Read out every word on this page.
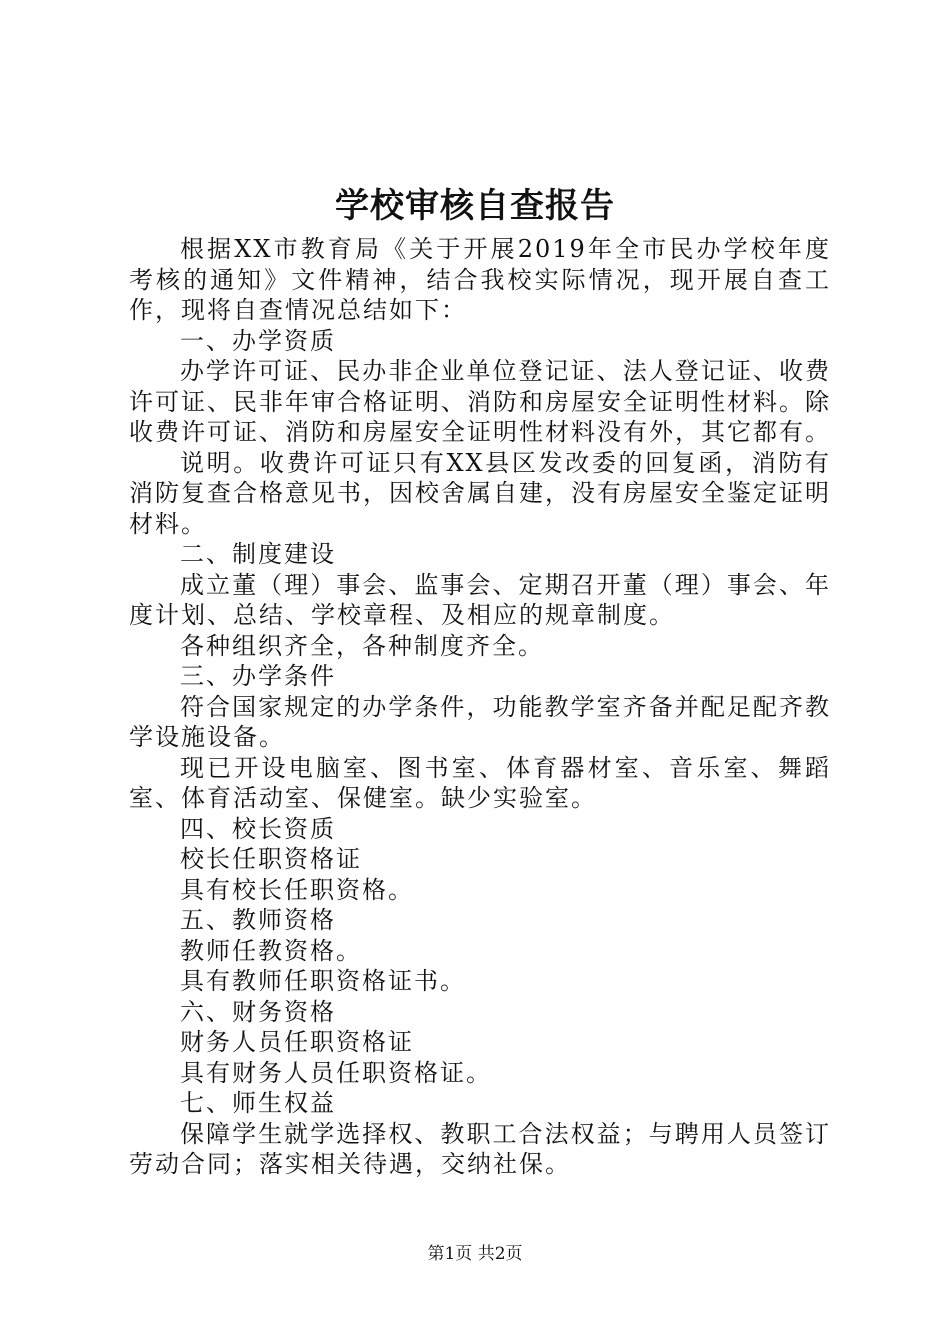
学校审核自查报告

根据XX市教育局《关于开展2019年全市民办学校年度考核的通知》文件精神，结合我校实际情况，现开展自查工作，现将自查情况总结如下：

一、办学资质

办学许可证、民办非企业单位登记证、法人登记证、收费许可证、民非年审合格证明、消防和房屋安全证明性材料。除收费许可证、消防和房屋安全证明性材料没有外，其它都有。

说明。收费许可证只有XX县区发改委的回复函，消防有消防复查合格意见书，因校舍属自建，没有房屋安全鉴定证明材料。

二、制度建设

成立董（理）事会、监事会、定期召开董（理）事会、年度计划、总结、学校章程、及相应的规章制度。

各种组织齐全，各种制度齐全。

三、办学条件

符合国家规定的办学条件，功能教学室齐备并配足配齐教学设施设备。

现已开设电脑室、图书室、体育器材室、音乐室、舞蹈室、体育活动室、保健室。缺少实验室。

四、校长资质

校长任职资格证

具有校长任职资格。

五、教师资格

教师任教资格。

具有教师任职资格证书。

六、财务资格

财务人员任职资格证

具有财务人员任职资格证。

七、师生权益

保障学生就学选择权、教职工合法权益；与聘用人员签订劳动合同；落实相关待遇，交纳社保。

第1页 共2页
